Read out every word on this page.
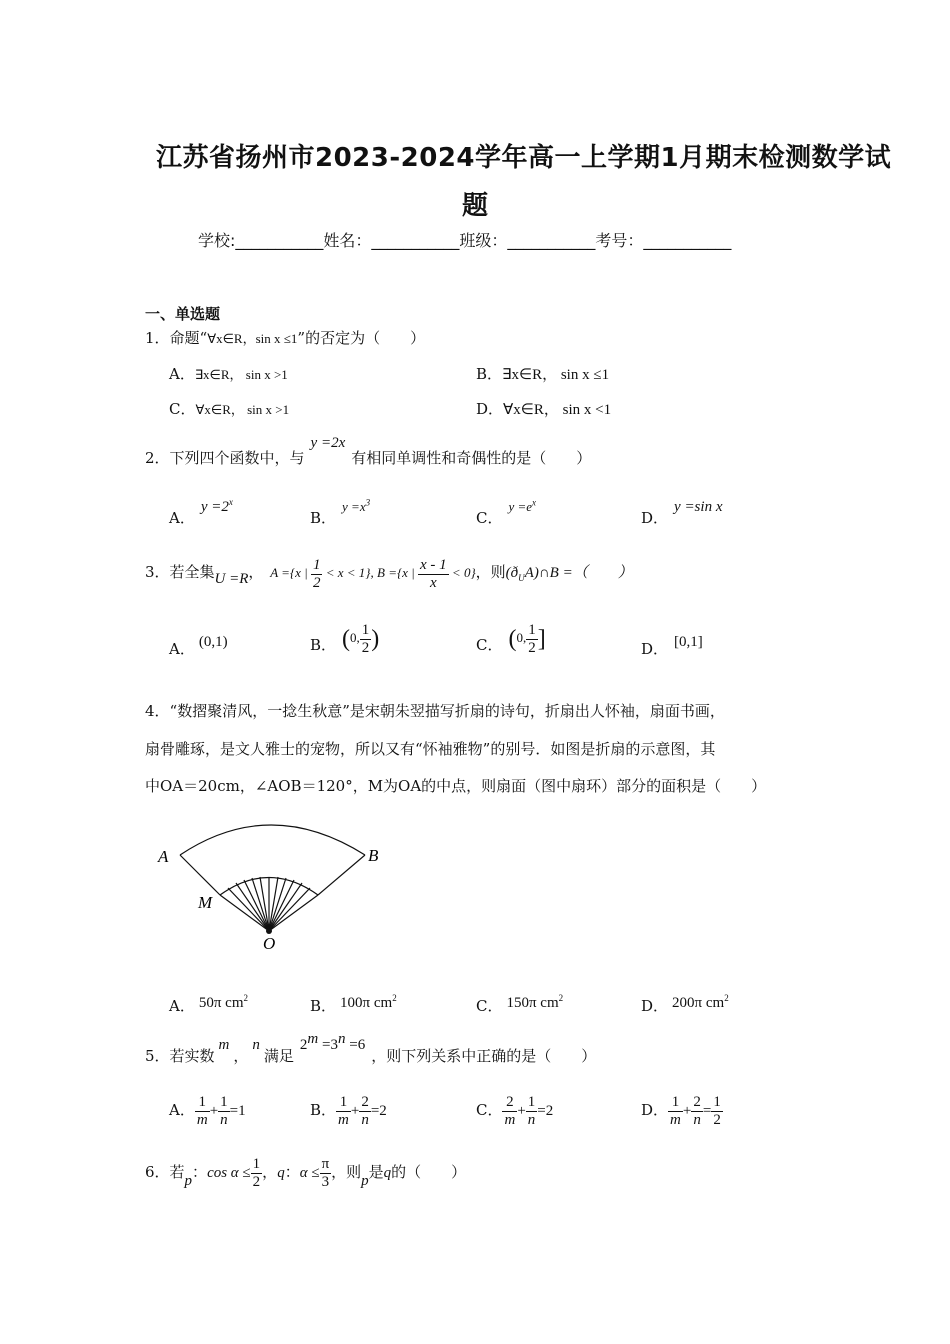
江苏省扬州市2023-2024学年高一上学期1月期末检测数学试
题
学校:___________姓名：___________班级：___________考号：___________
一、单选题
1．命题“∀x∈R，sin x ≤1”的否定为（　　）
A．∃x∈R， sin x >1	B．∃x∈R， sin x ≤1
C．∀x∈R， sin x >1	D．∀x∈R， sin x <1
2．下列四个函数中，与y =2x有相同单调性和奇偶性的是（　　）
A．$y =2^x$
B．$y =x^3$
C．$y =e^x$
D．y =sin x
3．若全集U =R， A ={x | $\frac{1}{2} < x < 1$}, B ={x | $\frac{x - 1}{x} < 0$}，则$(ð_UA)\cap B$ =（　　）
A． (0,1)	B． (0, $\frac{1}{2}$ )	C． (0, $\frac{1}{2}$ ]	D． [0,1]
4．“数摺聚清风，一捻生秋意”是宋朝朱翌描写折扇的诗句，折扇出人怀袖，扇面书画，
扇骨雕琢，是文人雅士的宠物，所以又有“怀袖雅物”的别号．如图是折扇的示意图，其
中OA＝20cm，∠AOB＝120°，M为OA的中点，则扇面（图中扇环）部分的面积是（　　）
A	B
M
O
A． 50π $cm^2$	B． 100π $cm^2$	C． 150π $cm^2$	D． 200π $cm^2$
5．若实数m，n满足$2^m =3^n =6$，则下列关系中正确的是（　　）
A． $\frac{1}{m} + \frac{1}{n} =1$	B． $\frac{1}{m} + \frac{2}{n} =2$	C． $\frac{2}{m} + \frac{1}{n} =2$	D． $\frac{1}{m} + \frac{2}{n} = \frac{1}{2}$
6．若p：$\cos \alpha \le \frac{1}{2}$ ，q：$\alpha \le \frac{\pi}{3}$ ，则p是q的（　　）
